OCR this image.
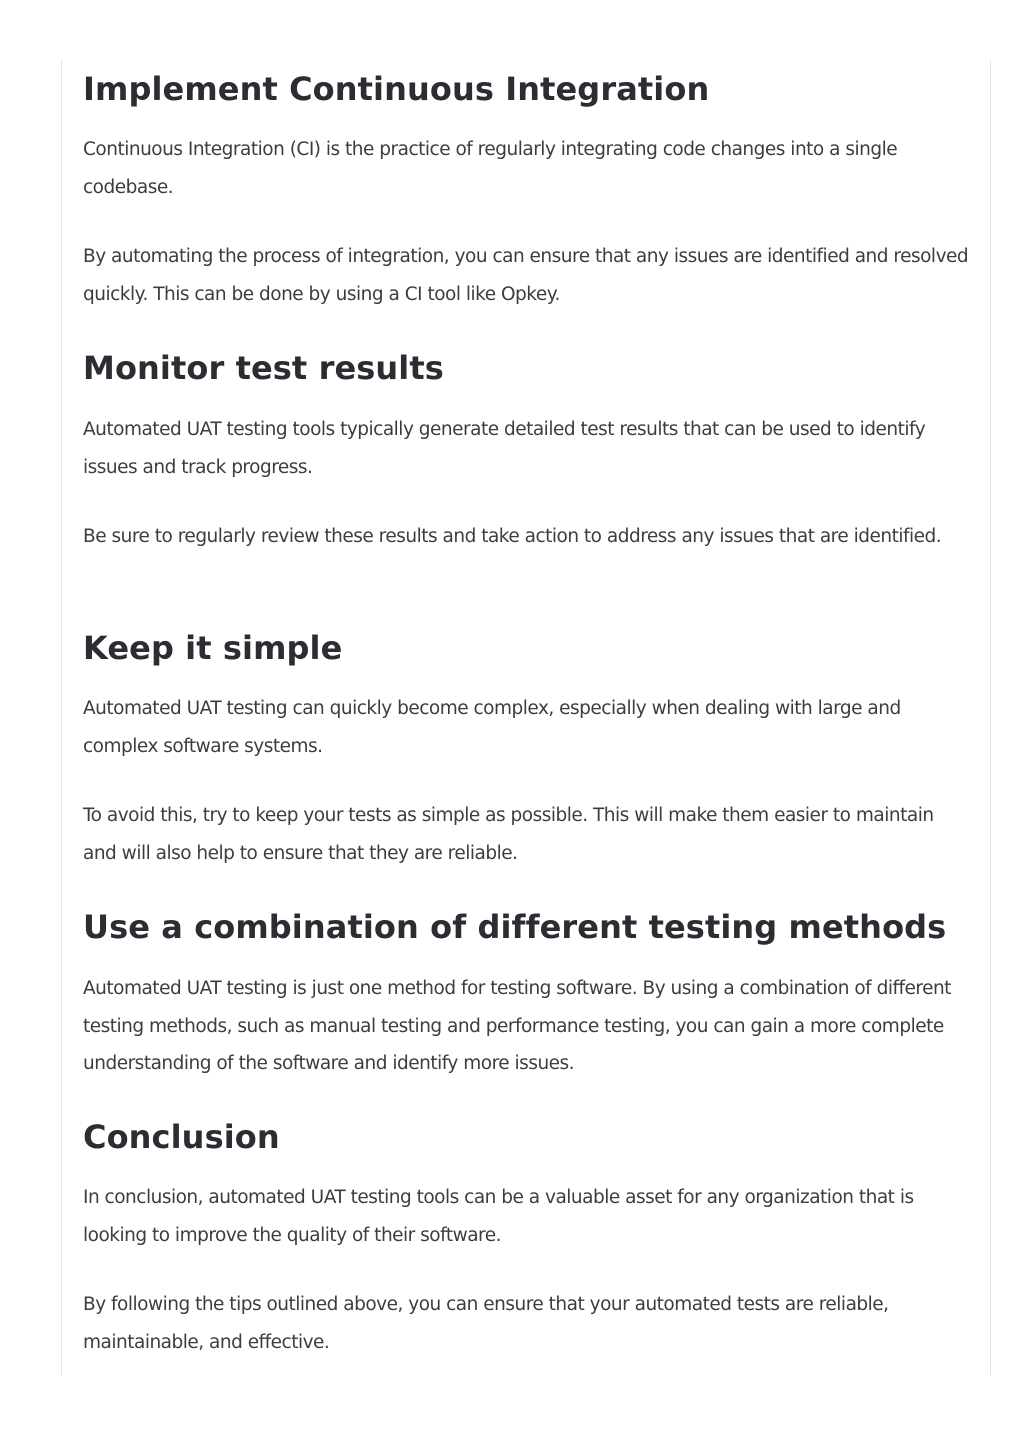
Implement Continuous Integration

Continuous Integration (CI) is the practice of regularly integrating code changes into a single codebase.

By automating the process of integration, you can ensure that any issues are identified and resolved quickly. This can be done by using a CI tool like Opkey.

Monitor test results

Automated UAT testing tools typically generate detailed test results that can be used to identify issues and track progress.

Be sure to regularly review these results and take action to address any issues that are identified.

Keep it simple

Automated UAT testing can quickly become complex, especially when dealing with large and complex software systems.

To avoid this, try to keep your tests as simple as possible. This will make them easier to maintain and will also help to ensure that they are reliable.

Use a combination of different testing methods

Automated UAT testing is just one method for testing software. By using a combination of different testing methods, such as manual testing and performance testing, you can gain a more complete understanding of the software and identify more issues.

Conclusion

In conclusion, automated UAT testing tools can be a valuable asset for any organization that is looking to improve the quality of their software.

By following the tips outlined above, you can ensure that your automated tests are reliable, maintainable, and effective.
